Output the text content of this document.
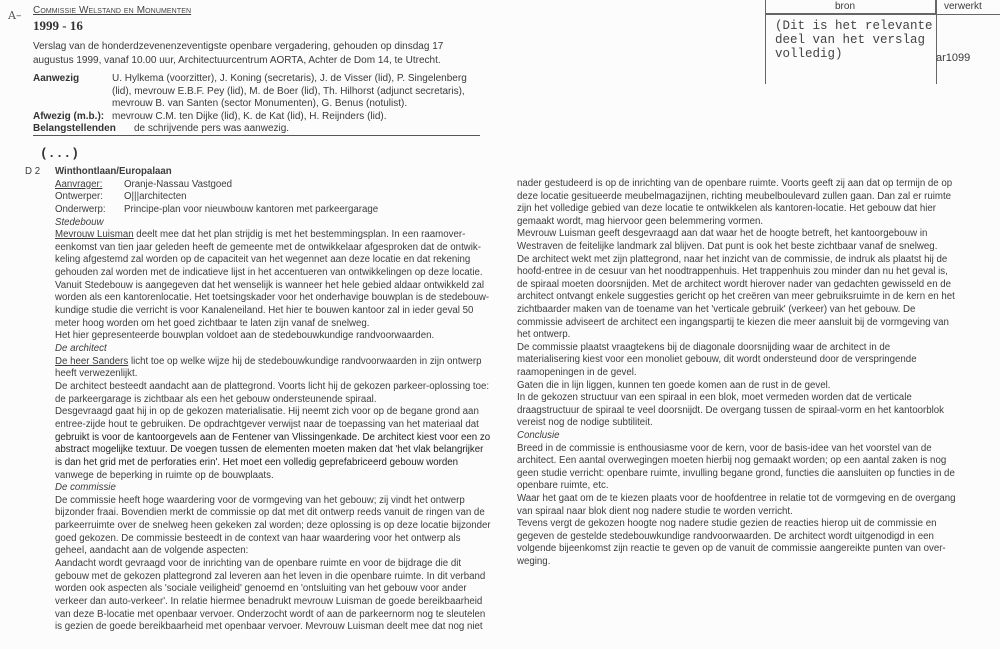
A– Commissie Welstand en Monumenten
1999 - 16
Verslag van de honderdzevenenzeventigste openbare vergadering, gehouden op dinsdag 17
augustus 1999, vanaf 10.00 uur, Architectuurcentrum AORTA, Achter de Dom 14, te Utrecht.
Aanwezig	U. Hylkema (voorzitter), J. Koning (secretaris), J. de Visser (lid), P. Singelenberg
(lid), mevrouw E.B.F. Pey (lid), M. de Boer (lid), Th. Hilhorst (adjunct secretaris),
mevrouw B. van Santen (sector Monumenten), G. Benus (notulist).
Afwezig (m.b.): mevrouw C.M. ten Dijke (lid), K. de Kat (lid), H. Reijnders (lid).
Belangstellenden de schrijvende pers was aanwezig.
(...)
bron	verwerkt
(Dit is het relevante
deel van het verslag
volledig)	ar1099
D 2 Winthontlaan/Europalaan
Aanvrager: Oranje-Nassau Vastgoed
Ontwerper: O|||architecten
Onderwerp: Principe-plan voor nieuwbouw kantoren met parkeergarage
Stedebouw
Mevrouw Luisman deelt mee dat het plan strijdig is met het bestemmingsplan. In een raamover-
eenkomst van tien jaar geleden heeft de gemeente met de ontwikkelaar afgesproken dat de ontwik-
keling afgestemd zal worden op de capaciteit van het wegennet aan deze locatie en dat rekening
gehouden zal worden met de indicatieve lijst in het accentueren van ontwikkelingen op deze locatie.
Vanuit Stedebouw is aangegeven dat het wenselijk is wanneer het hele gebied aldaar ontwikkeld zal
worden als een kantorenlocatie. Het toetsingskader voor het onderhavige bouwplan is de stedebouw-
kundige studie die verricht is voor Kanaleneiland. Het hier te bouwen kantoor zal in ieder geval 50
meter hoog worden om het goed zichtbaar te laten zijn vanaf de snelweg.
Het hier gepresenteerde bouwplan voldoet aan de stedebouwkundige randvoorwaarden.
De architect
De heer Sanders licht toe op welke wijze hij de stedebouwkundige randvoorwaarden in zijn ontwerp
heeft verwezenlijkt.
De architect besteedt aandacht aan de plattegrond. Voorts licht hij de gekozen parkeer-oplossing toe:
de parkeergarage is zichtbaar als een het gebouw ondersteunende spiraal.
Desgevraagd gaat hij in op de gekozen materialisatie. Hij neemt zich voor op de begane grond aan
entree-zijde hout te gebruiken. De opdrachtgever verwijst naar de toepassing van het materiaal dat
gebruikt is voor de kantoorgevels aan de Fentener van Vlissingenkade. De architect kiest voor een zo
abstract mogelijke textuur. De voegen tussen de elementen moeten maken dat 'het vlak belangrijker
is dan het grid met de perforaties erin'. Het moet een volledig geprefabriceerd gebouw worden
vanwege de beperking in ruimte op de bouwplaats.
De commissie
De commissie heeft hoge waardering voor de vormgeving van het gebouw; zij vindt het ontwerp
bijzonder fraai. Bovendien merkt de commissie op dat met dit ontwerp reeds vanuit de ringen van de
parkeerruimte over de snelweg heen gekeken zal worden; deze oplossing is op deze locatie bijzonder
goed gekozen. De commissie besteedt in de context van haar waardering voor het ontwerp als
geheel, aandacht aan de volgende aspecten:
Aandacht wordt gevraagd voor de inrichting van de openbare ruimte en voor de bijdrage die dit
gebouw met de gekozen plattegrond zal leveren aan het leven in die openbare ruimte. In dit verband
worden ook aspecten als 'sociale veiligheid' genoemd en 'ontsluiting van het gebouw voor ander
verkeer dan auto-verkeer'. In relatie hiermee benadrukt mevrouw Luisman de goede bereikbaarheid
van deze B-locatie met openbaar vervoer. Onderzocht wordt of aan de parkeernorm nog te sleutelen
is gezien de goede bereikbaarheid met openbaar vervoer. Mevrouw Luisman deelt mee dat nog niet
nader gestudeerd is op de inrichting van de openbare ruimte. Voorts geeft zij aan dat op termijn de op
deze locatie gesitueerde meubelmagazijnen, richting meubelboulevard zullen gaan. Dan zal er ruimte
zijn het volledige gebied van deze locatie te ontwikkelen als kantoren-locatie. Het gebouw dat hier
gemaakt wordt, mag hiervoor geen belemmering vormen.
Mevrouw Luisman geeft desgevraagd aan dat waar het de hoogte betreft, het kantoorgebouw in
Westraven de feitelijke landmark zal blijven. Dat punt is ook het beste zichtbaar vanaf de snelweg.
De architect wekt met zijn plattegrond, naar het inzicht van de commissie, de indruk als plaatst hij de
hoofd-entree in de cesuur van het noodtrappenhuis. Het trappenhuis zou minder dan nu het geval is,
de spiraal moeten doorsnijden. Met de architect wordt hierover nader van gedachten gewisseld en de
architect ontvangt enkele suggesties gericht op het creëren van meer gebruiksruimte in de kern en het
zichtbaarder maken van de toename van het 'verticale gebruik' (verkeer) van het gebouw. De
commissie adviseert de architect een ingangspartij te kiezen die meer aansluit bij de vormgeving van
het ontwerp.
De commissie plaatst vraagtekens bij de diagonale doorsnijding waar de architect in de
materialisering kiest voor een monoliet gebouw, dit wordt ondersteund door de verspringende
raamopeningen in de gevel.
Gaten die in lijn liggen, kunnen ten goede komen aan de rust in de gevel.
In de gekozen structuur van een spiraal in een blok, moet vermeden worden dat de verticale
draagstructuur de spiraal te veel doorsnijdt. De overgang tussen de spiraal-vorm en het kantoorblok
vereist nog de nodige subtiliteit.
Conclusie
Breed in de commissie is enthousiasme voor de kern, voor de basis-idee van het voorstel van de
architect. Een aantal overwegingen moeten hierbij nog gemaakt worden; op een aantal zaken is nog
geen studie verricht: openbare ruimte, invulling begane grond, functies die aansluiten op functies in de
openbare ruimte, etc.
Waar het gaat om de te kiezen plaats voor de hoofdentree in relatie tot de vormgeving en de overgang
van spiraal naar blok dient nog nadere studie te worden verricht.
Tevens vergt de gekozen hoogte nog nadere studie gezien de reacties hierop uit de commissie en
gegeven de gestelde stedebouwkundige randvoorwaarden. De architect wordt uitgenodigd in een
volgende bijeenkomst zijn reactie te geven op de vanuit de commissie aangereikte punten van over-
weging.
